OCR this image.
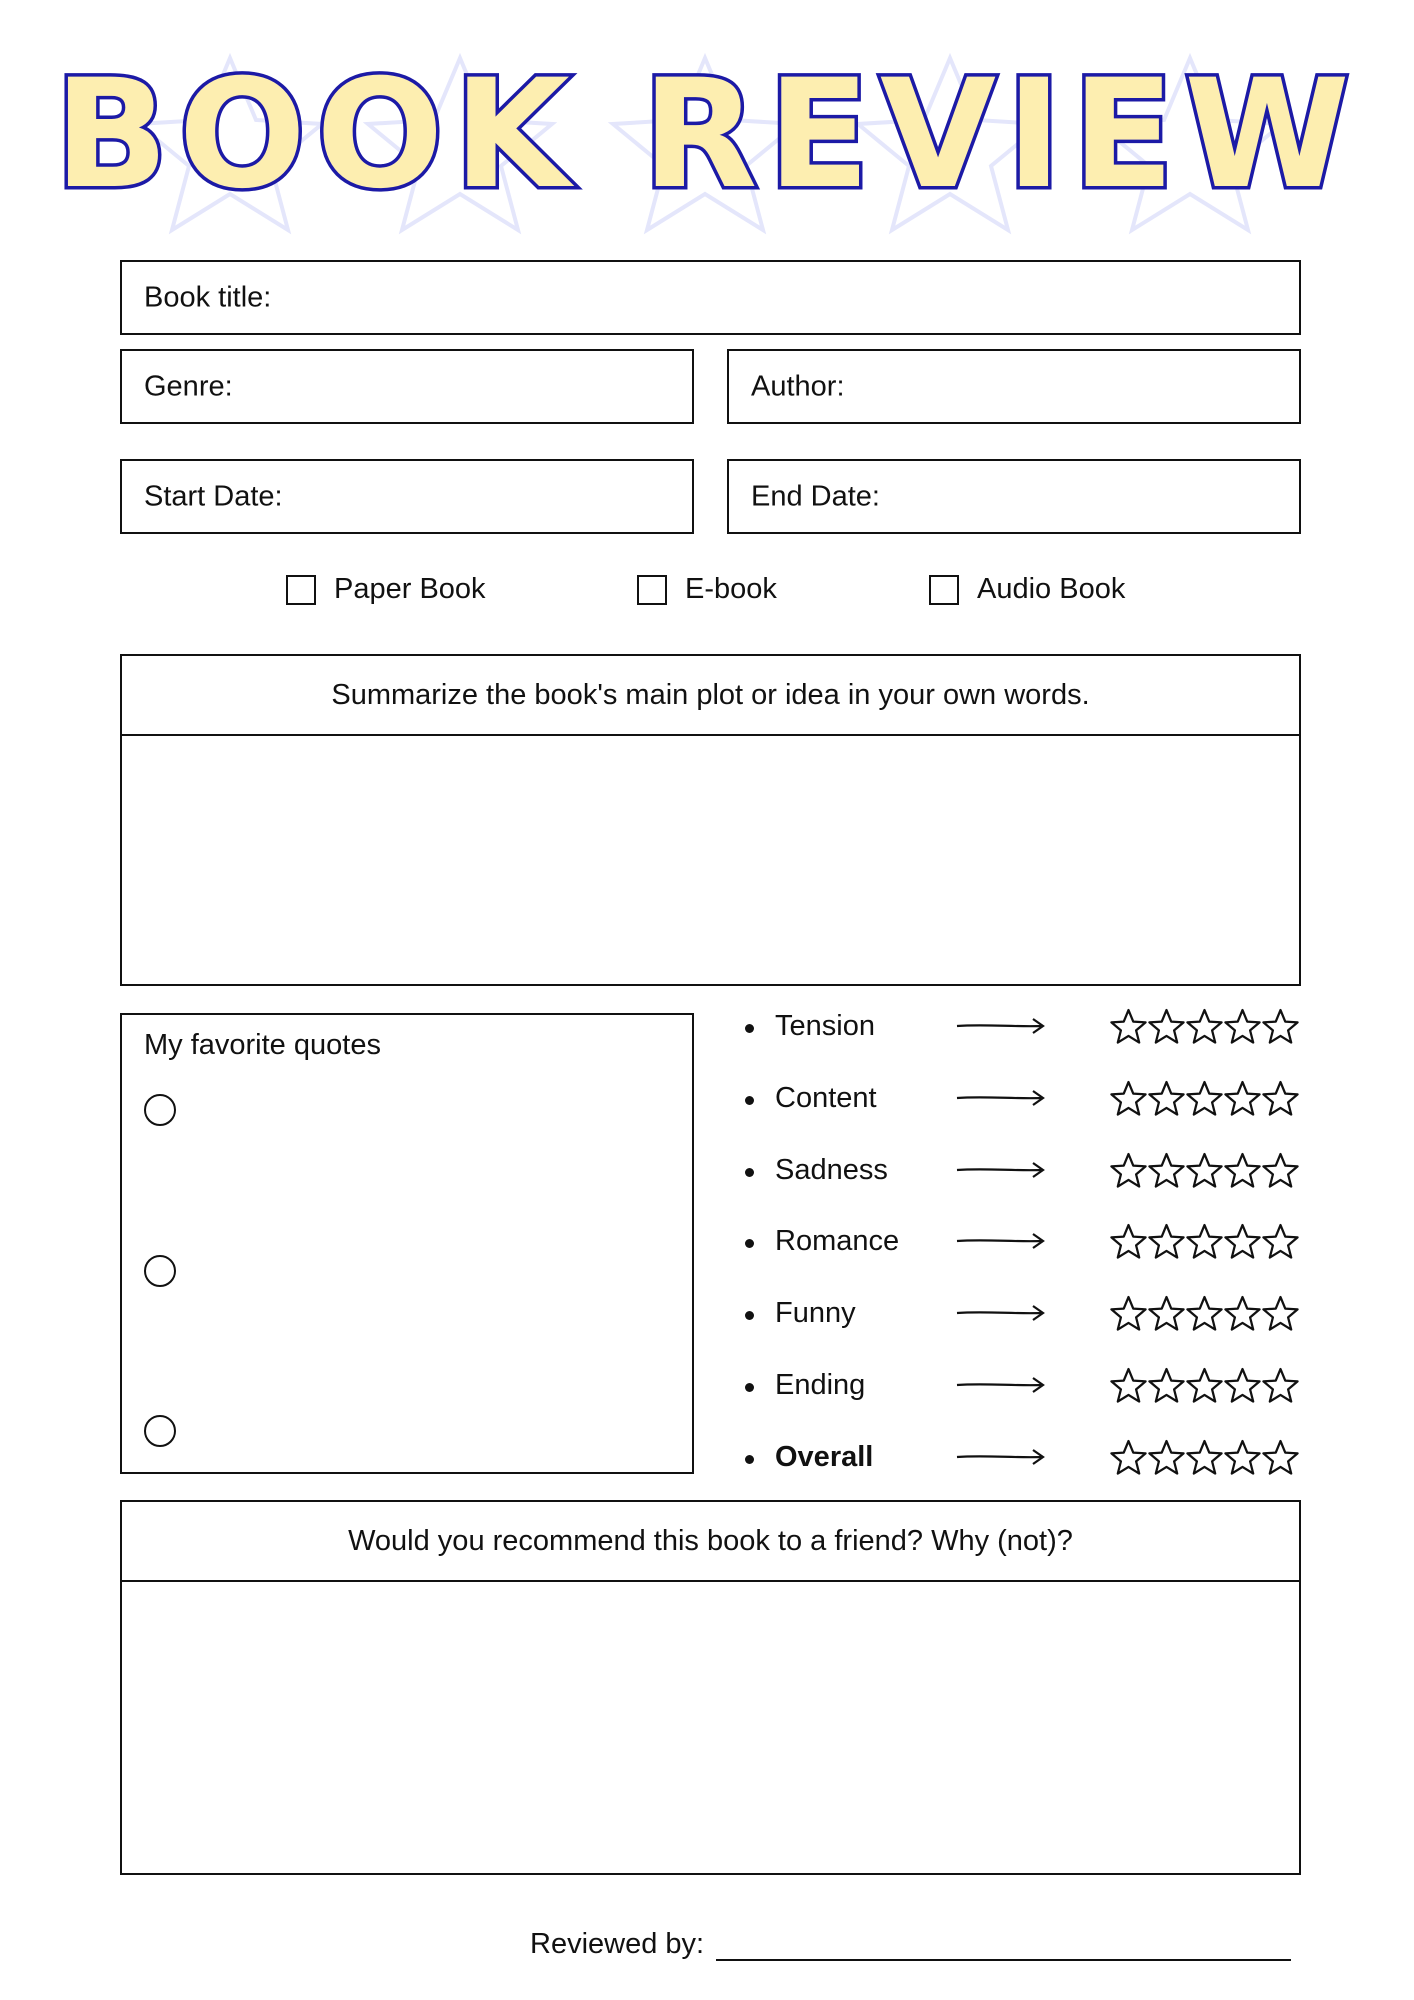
BOOK REVIEW
Book title:
Genre:	Author:
Start Date:	End Date:
Paper Book	E-book	Audio Book
Summarize the book's main plot or idea in your own words.
My favorite quotes
Tension
Content
Sadness
Romance
Funny
Ending
Overall
Would you recommend this book to a friend? Why (not)?
Reviewed by:
